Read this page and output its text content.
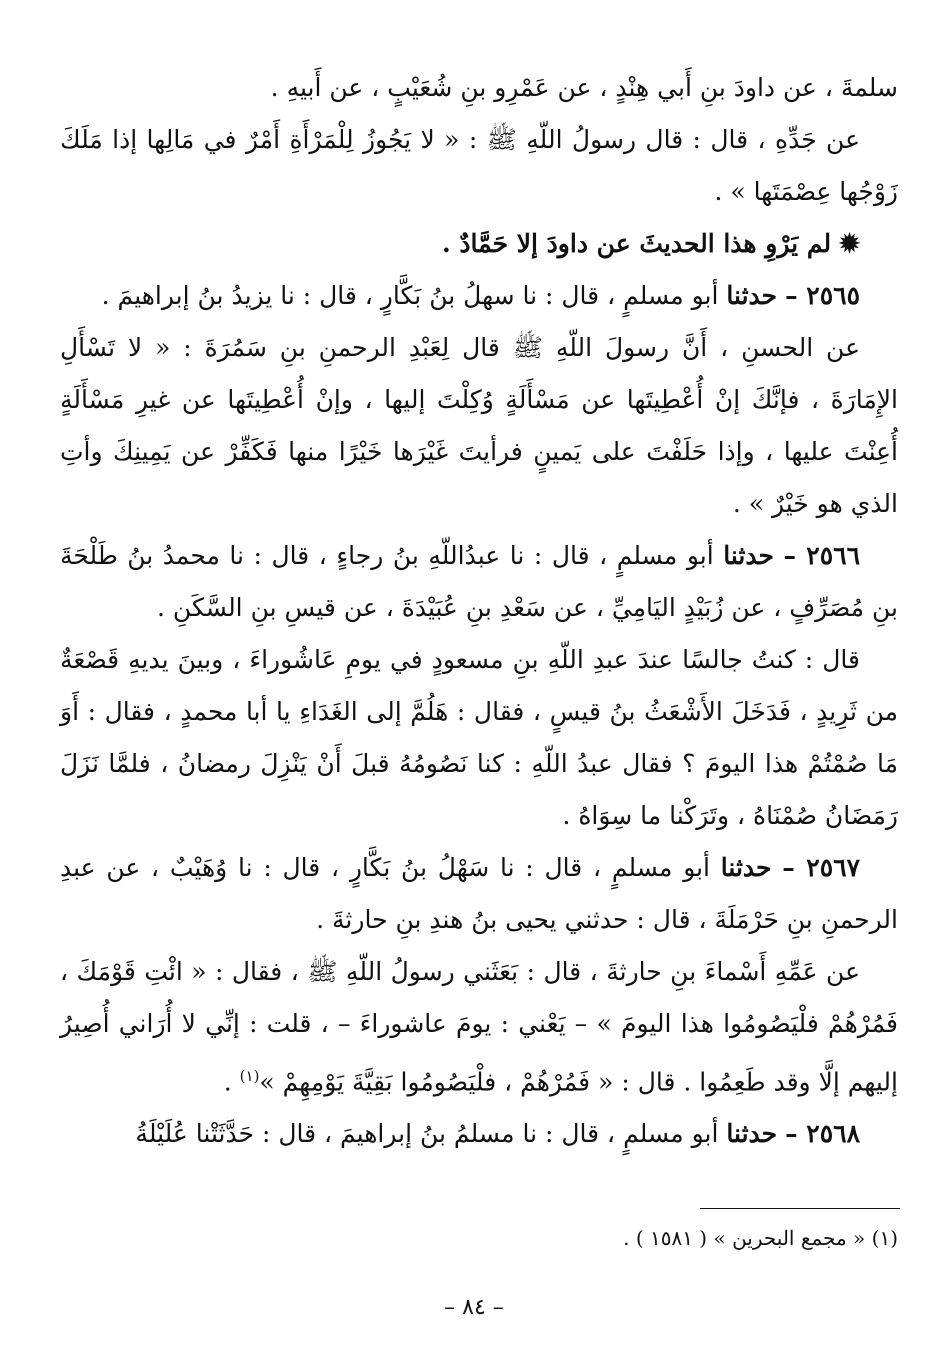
سلمةَ ، عن داودَ بنِ أَبي هِنْدٍ ، عن عَمْرِو بنِ شُعَيْبٍ ، عن أَبيهِ .

عن جَدِّهِ ، قال : قال رسولُ اللّهِ ﷺ : « لا يَجُوزُ لِلْمَرْأَةِ أَمْرٌ في مَالِها إذا مَلَكَ زَوْجُها عِصْمَتَها » .

✹ لم يَرْوِ هذا الحديثَ عن داودَ إلا حَمَّادٌ .

٢٥٦٥ – حدثنا أبو مسلمٍ ، قال : نا سهلُ بنُ بَكَّارٍ ، قال : نا يزيدُ بنُ إبراهيمَ .

عن الحسنِ ، أَنَّ رسولَ اللّهِ ﷺ قال لِعَبْدِ الرحمنِ بنِ سَمُرَةَ : « لا تَسْأَلِ الإِمَارَةَ ، فإنَّكَ إنْ أُعْطِيتَها عن مَسْأَلَةٍ وُكِلْتَ إليها ، وإنْ أُعْطِيتَها عن غيرِ مَسْأَلَةٍ أُعِنْتَ عليها ، وإذا حَلَفْتَ على يَمينٍ فرأيتَ غَيْرَها خَيْرًا منها فَكَفِّرْ عن يَمِينِكَ وأتِ الذي هو خَيْرٌ » .

٢٥٦٦ – حدثنا أبو مسلمٍ ، قال : نا عبدُاللّهِ بنُ رجاءٍ ، قال : نا محمدُ بنُ طَلْحَةَ بنِ مُصَرِّفٍ ، عن زُبَيْدٍ اليَامِيِّ ، عن سَعْدِ بنِ عُبَيْدَةَ ، عن قيسِ بنِ السَّكَنِ .

قال : كنتُ جالسًا عندَ عبدِ اللّهِ بنِ مسعودٍ في يومِ عَاشُوراءَ ، وبينَ يديهِ قَصْعَةٌ من ثَرِيدٍ ، فَدَخَلَ الأَشْعَثُ بنُ قيسٍ ، فقال : هَلُمَّ إلى الغَدَاءِ يا أبا محمدٍ ، فقال : أَوَ مَا صُمْتُمْ هذا اليومَ ؟ فقال عبدُ اللّهِ : كنا نَصُومُهُ قبلَ أَنْ يَنْزِلَ رمضانُ ، فلمَّا نَزَلَ رَمَضَانُ صُمْنَاهُ ، وتَرَكْنا ما سِوَاهُ .

٢٥٦٧ – حدثنا أبو مسلمٍ ، قال : نا سَهْلُ بنُ بَكَّارٍ ، قال : نا وُهَيْبٌ ، عن عبدِ الرحمنِ بنِ حَرْمَلَةَ ، قال : حدثني يحيى بنُ هندِ بنِ حارثةَ .

عن عَمِّهِ أَسْماءَ بنِ حارثةَ ، قال : بَعَثَني رسولُ اللّهِ ﷺ ، فقال : « ائْتِ قَوْمَكَ ، فَمُرْهُمْ فلْيَصُومُوا هذا اليومَ » – يَعْني : يومَ عاشوراءَ – ، قلت : إنِّي لا أُرَاني أُصِيرُ إليهم إلَّا وقد طَعِمُوا . قال : « فَمُرْهُمْ ، فلْيَصُومُوا بَقِيَّةَ يَوْمِهِمْ »$^{(١)}$ .

٢٥٦٨ – حدثنا أبو مسلمٍ ، قال : نا مسلمُ بنُ إبراهيمَ ، قال : حَدَّثَتْنا عُلَيْلَةُ

(١) « مجمع البحرين » ( ١٥٨١ ) .
– ٨٤ –
